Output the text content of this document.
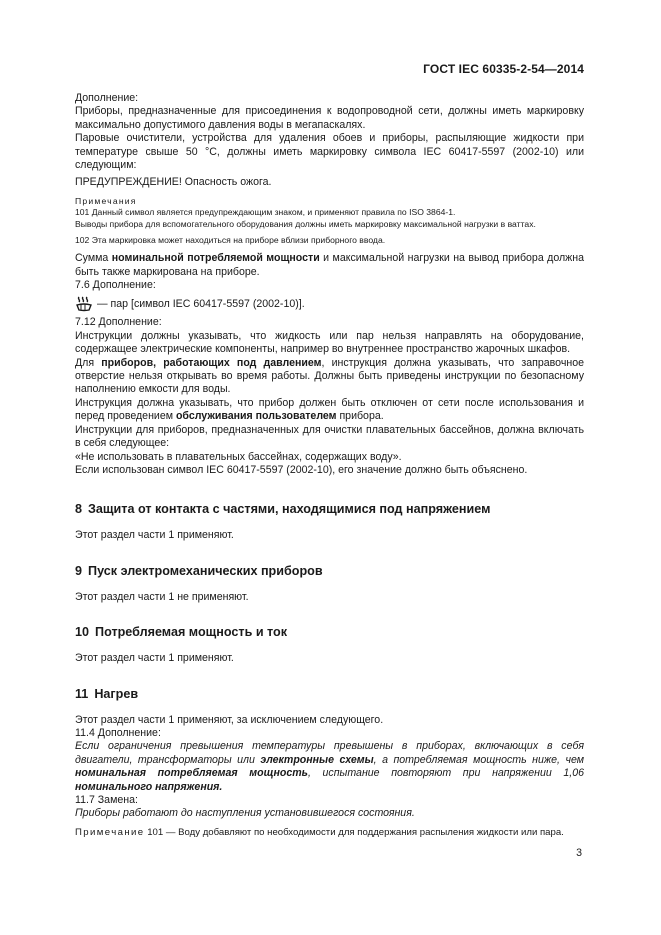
ГОСТ IEC 60335-2-54—2014

Дополнение:

Приборы, предназначенные для присоединения к водопроводной сети, должны иметь маркировку максимально допустимого давления воды в мегапаскалях.

Паровые очистители, устройства для удаления обоев и приборы, распыляющие жидкости при температуре свыше 50 °С, должны иметь маркировку символа IEC 60417-5597 (2002-10) или следующим:

ПРЕДУПРЕЖДЕНИЕ! Опасность ожога.

Примечания

101 Данный символ является предупреждающим знаком, и применяют правила по ISO 3864-1.

Выводы прибора для вспомогательного оборудования должны иметь маркировку максимальной нагрузки в ваттах.

102 Эта маркировка может находиться на приборе вблизи приборного ввода.

Сумма номинальной потребляемой мощности и максимальной нагрузки на вывод прибора должна быть также маркирована на приборе.

7.6 Дополнение:

— пар [символ IEC 60417-5597 (2002-10)].

7.12 Дополнение:

Инструкции должны указывать, что жидкость или пар нельзя направлять на оборудование, содержащее электрические компоненты, например во внутреннее пространство жарочных шкафов.

Для приборов, работающих под давлением, инструкция должна указывать, что заправочное отверстие нельзя открывать во время работы. Должны быть приведены инструкции по безопасному наполнению емкости для воды.

Инструкция должна указывать, что прибор должен быть отключен от сети после использования и перед проведением обслуживания пользователем прибора.

Инструкции для приборов, предназначенных для очистки плавательных бассейнов, должна включать в себя следующее:

«Не использовать в плавательных бассейнах, содержащих воду».

Если использован символ IEC 60417-5597 (2002-10), его значение должно быть объяснено.

8 Защита от контакта с частями, находящимися под напряжением

Этот раздел части 1 применяют.

9 Пуск электромеханических приборов

Этот раздел части 1 не применяют.

10 Потребляемая мощность и ток

Этот раздел части 1 применяют.

11 Нагрев

Этот раздел части 1 применяют, за исключением следующего.

11.4 Дополнение:

Если ограничения превышения температуры превышены в приборах, включающих в себя двигатели, трансформаторы или электронные схемы, а потребляемая мощность ниже, чем номинальная потребляемая мощность, испытание повторяют при напряжении 1,06 номинального напряжения.

11.7 Замена:

Приборы работают до наступления установившегося состояния.

Примечание 101 — Воду добавляют по необходимости для поддержания распыления жидкости или пара.

3
